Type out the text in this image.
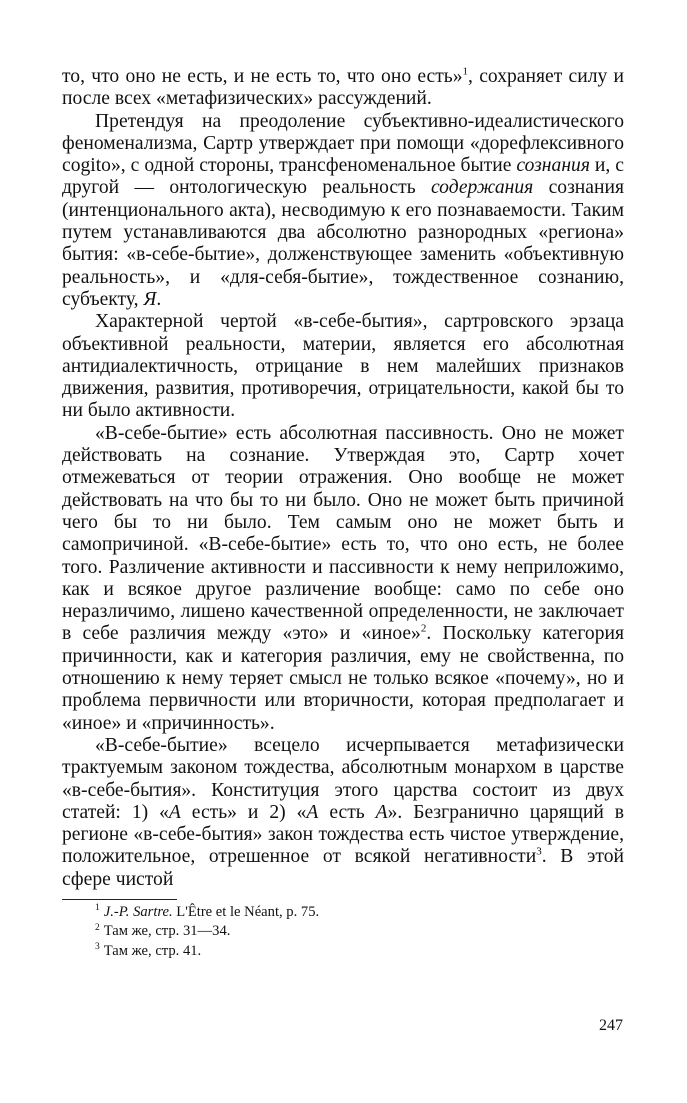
то, что оно не есть, и не есть то, что оно есть»$^1$, сохраняет силу и после всех «метафизических» рассуждений.

Претендуя на преодоление субъективно-идеалистического феноменализма, Сартр утверждает при помощи «дорефлексивного cogito», с одной стороны, трансфеноменальное бытие сознания и, с другой — онтологическую реальность содержания сознания (интенционального акта), несводимую к его познаваемости. Таким путем устанавливаются два абсолютно разнородных «региона» бытия: «в-себе-бытие», долженствующее заменить «объективную реальность», и «для-себя-бытие», тождественное сознанию, субъекту, Я.

Характерной чертой «в-себе-бытия», сартровского эрзаца объективной реальности, материи, является его абсолютная антидиалектичность, отрицание в нем малейших признаков движения, развития, противоречия, отрицательности, какой бы то ни было активности.

«В-себе-бытие» есть абсолютная пассивность. Оно не может действовать на сознание. Утверждая это, Сартр хочет отмежеваться от теории отражения. Оно вообще не может действовать на что бы то ни было. Оно не может быть причиной чего бы то ни было. Тем самым оно не может быть и самопричиной. «В-себе-бытие» есть то, что оно есть, не более того. Различение активности и пассивности к нему неприложимо, как и всякое другое различение вообще: само по себе оно неразличимо, лишено качественной определенности, не заключает в себе различия между «это» и «иное»$^2$. Поскольку категория причинности, как и категория различия, ему не свойственна, по отношению к нему теряет смысл не только всякое «почему», но и проблема первичности или вторичности, которая предполагает и «иное» и «причинность».

«В-себе-бытие» всецело исчерпывается метафизически трактуемым законом тождества, абсолютным монархом в царстве «в-себе-бытия». Конституция этого царства состоит из двух статей: 1) «А есть» и 2) «А есть А». Безгранично царящий в регионе «в-себе-бытия» закон тождества есть чистое утверждение, положительное, отрешенное от всякой негативности$^3$. В этой сфере чистой

$^1$ J.-P. Sartre. L'Être et le Néant, p. 75.

$^2$ Там же, стр. 31—34.

$^3$ Там же, стр. 41.

247
